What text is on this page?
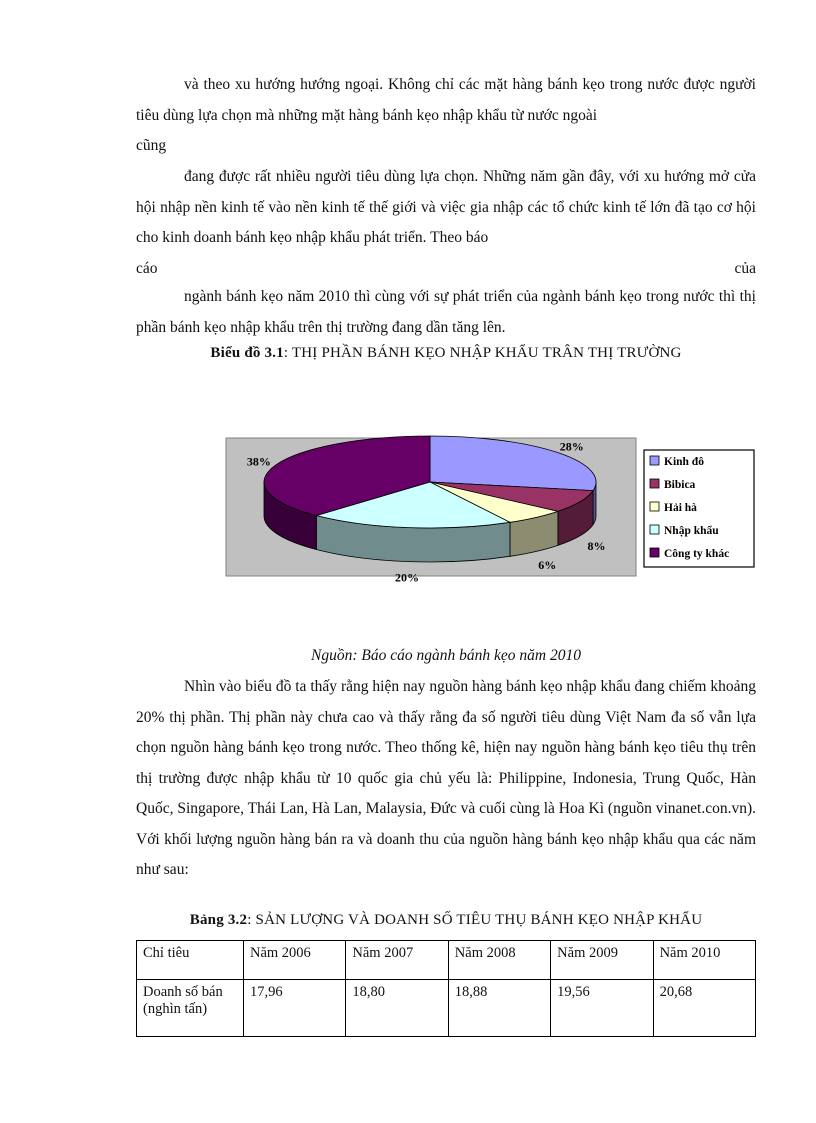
và theo xu hướng hướng ngoại. Không chỉ các mặt hàng bánh kẹo trong nước được người tiêu dùng lựa chọn mà những mặt hàng bánh kẹo nhập khẩu từ nước ngoài
cũng
đang được rất nhiều người tiêu dùng lựa chọn. Những năm gần đây, với xu hướng mở cửa hội nhập nền kinh tế vào nền kinh tế thế giới và việc gia nhập các tổ chức kinh tế lớn đã tạo cơ hội cho kinh doanh bánh kẹo nhập khẩu phát triển. Theo báo
cáo	của
ngành bánh kẹo năm 2010 thì cùng với sự phát triển của ngành bánh kẹo trong nước thì thị phần bánh kẹo nhập khẩu trên thị trường đang dần tăng lên.
Biểu đồ 3.1: THỊ PHẦN BÁNH KẸO NHẬP KHẨU TRÂN THỊ TRƯỜNG
28%
8%
6%
20%
38%	Kinh đô
Bibica
Hải hà
Nhập khẩu
Công ty khác
Nguồn: Báo cáo ngành bánh kẹo năm 2010
Nhìn vào biểu đồ ta thấy rằng hiện nay nguồn hàng bánh kẹo nhập khẩu đang chiếm khoảng 20% thị phần. Thị phần này chưa cao và thấy rằng đa số người tiêu dùng Việt Nam đa số vẫn lựa chọn nguồn hàng bánh kẹo trong nước. Theo thống kê, hiện nay nguồn hàng bánh kẹo tiêu thụ trên thị trường được nhập khẩu từ 10 quốc gia chủ yếu là: Philippine, Indonesia, Trung Quốc, Hàn Quốc, Singapore, Thái Lan, Hà Lan, Malaysia, Đức và cuối cùng là Hoa Kì (nguồn vinanet.con.vn). Với khối lượng nguồn hàng bán ra và doanh thu của nguồn hàng bánh kẹo nhập khẩu qua các năm như sau:
Bảng 3.2: SẢN LƯỢNG VÀ DOANH SỐ TIÊU THỤ BÁNH KẸO NHẬP KHẨU
Chỉ tiêu	Năm 2006	Năm 2007	Năm 2008	Năm 2009	Năm 2010
Doanh số bán (nghìn tấn)	17,96	18,80	18,88	19,56	20,68
